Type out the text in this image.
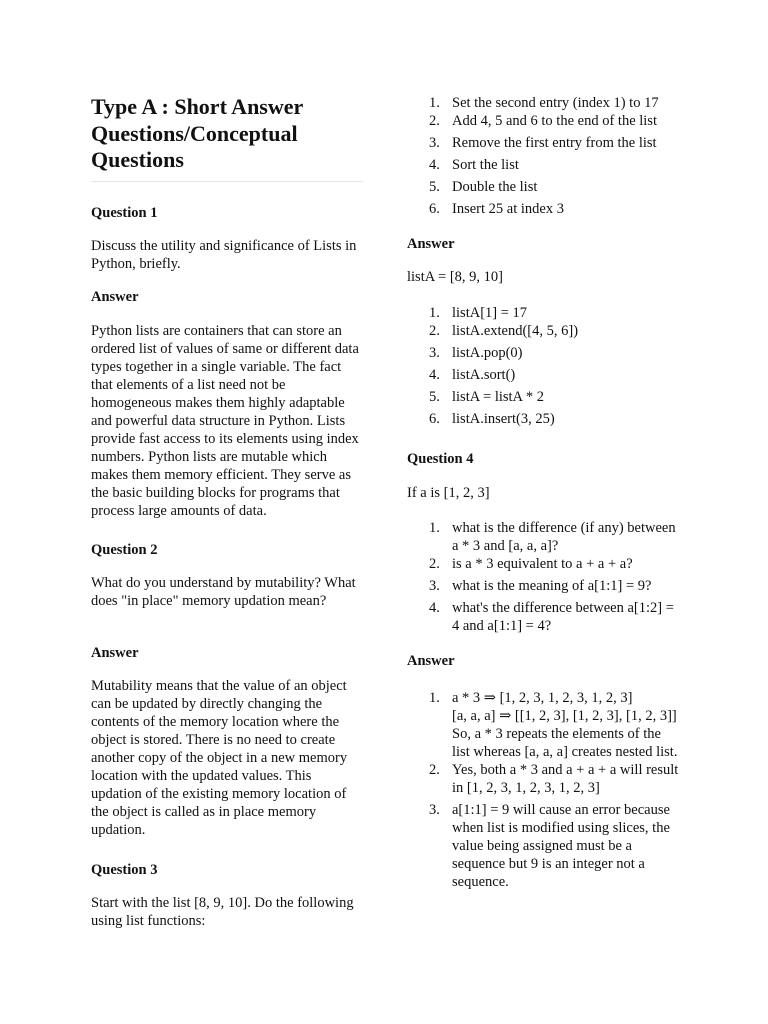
Type A : Short Answer Questions/Conceptual Questions
Question 1

Discuss the utility and significance of Lists in Python, briefly.

Answer

Python lists are containers that can store an ordered list of values of same or different data types together in a single variable. The fact that elements of a list need not be homogeneous makes them highly adaptable and powerful data structure in Python. Lists provide fast access to its elements using index numbers. Python lists are mutable which makes them memory efficient. They serve as the basic building blocks for programs that process large amounts of data.

Question 2

What do you understand by mutability? What does "in place" memory updation mean?

Answer

Mutability means that the value of an object can be updated by directly changing the contents of the memory location where the object is stored. There is no need to create another copy of the object in a new memory location with the updated values. This updation of the existing memory location of the object is called as in place memory updation.

Question 3

Start with the list [8, 9, 10]. Do the following using list functions:

1. Set the second entry (index 1) to 17
2. Add 4, 5 and 6 to the end of the list
3. Remove the first entry from the list
4. Sort the list
5. Double the list
6. Insert 25 at index 3
Answer

listA = [8, 9, 10]

1. listA[1] = 17
2. listA.extend([4, 5, 6])
3. listA.pop(0)
4. listA.sort()
5. listA = listA * 2
6. listA.insert(3, 25)
Question 4

If a is [1, 2, 3]

1. what is the difference (if any) between a * 3 and [a, a, a]?
2. is a * 3 equivalent to a + a + a?
3. what is the meaning of a[1:1] = 9?
4. what's the difference between a[1:2] = 4 and a[1:1] = 4?
Answer
1. a * 3 ⇒ [1, 2, 3, 1, 2, 3, 1, 2, 3]
[a, a, a] ⇒ [[1, 2, 3], [1, 2, 3], [1, 2, 3]]
So, a * 3 repeats the elements of the list whereas [a, a, a] creates nested list.
2. Yes, both a * 3 and a + a + a will result in [1, 2, 3, 1, 2, 3, 1, 2, 3]
3. a[1:1] = 9 will cause an error because when list is modified using slices, the value being assigned must be a sequence but 9 is an integer not a sequence.
